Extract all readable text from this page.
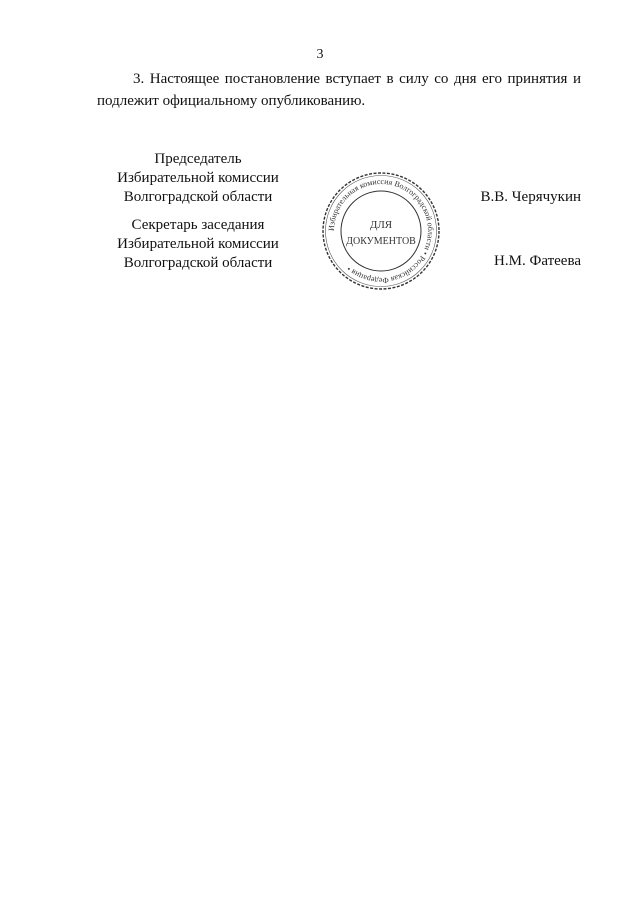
3

3. Настоящее постановление вступает в силу со дня его принятия и
подлежит официальному опубликованию.

Председатель
Избирательной комиссии
Волгоградской области	В.В. Черячукин
Секретарь заседания
Избирательной комиссии
Волгоградской области	Н.М. Фатеева
Избирательная комиссия Волгоградской области • Российская Федерация •
ДЛЯ
ДОКУМЕНТОВ
